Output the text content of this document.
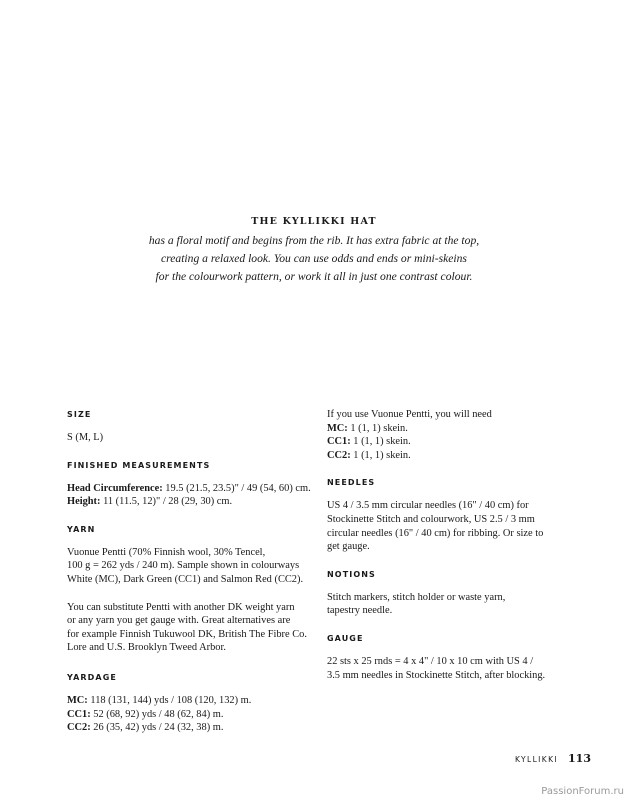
THE KYLLIKKI HAT

has a floral motif and begins from the rib. It has extra fabric at the top,
creating a relaxed look. You can use odds and ends or mini-skeins
for the colourwork pattern, or work it all in just one contrast colour.

SIZE

S (M, L)

FINISHED MEASUREMENTS

Head Circumference: 19.5 (21.5, 23.5)" / 49 (54, 60) cm.
Height: 11 (11.5, 12)" / 28 (29, 30) cm.

YARN

Vuonue Pentti (70% Finnish wool, 30% Tencel,
100 g = 262 yds / 240 m). Sample shown in colourways
White (MC), Dark Green (CC1) and Salmon Red (CC2).

You can substitute Pentti with another DK weight yarn
or any yarn you get gauge with. Great alternatives are
for example Finnish Tukuwool DK, British The Fibre Co.
Lore and U.S. Brooklyn Tweed Arbor.

YARDAGE

MC: 118 (131, 144) yds / 108 (120, 132) m.
CC1: 52 (68, 92) yds / 48 (62, 84) m.
CC2: 26 (35, 42) yds / 24 (32, 38) m.

If you use Vuonue Pentti, you will need
MC: 1 (1, 1) skein.
CC1: 1 (1, 1) skein.
CC2: 1 (1, 1) skein.

NEEDLES

US 4 / 3.5 mm circular needles (16" / 40 cm) for
Stockinette Stitch and colourwork, US 2.5 / 3 mm
circular needles (16" / 40 cm) for ribbing. Or size to
get gauge.

NOTIONS

Stitch markers, stitch holder or waste yarn,
tapestry needle.

GAUGE

22 sts x 25 rnds = 4 x 4" / 10 x 10 cm with US 4 /
3.5 mm needles in Stockinette Stitch, after blocking.

KYLLIKKI 113
PassionForum.ru
